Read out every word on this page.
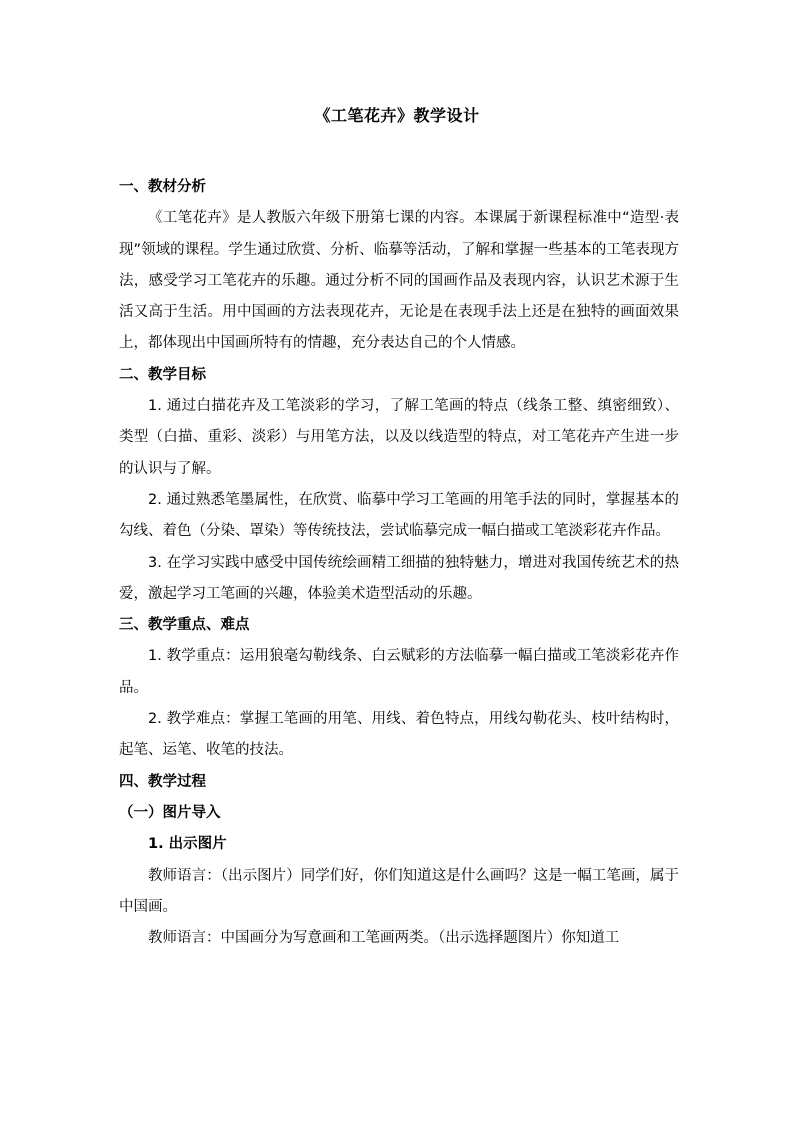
《工笔花卉》教学设计

一、教材分析

《工笔花卉》是人教版六年级下册第七课的内容。本课属于新课程标准中“造型·表现”领域的课程。学生通过欣赏、分析、临摹等活动，了解和掌握一些基本的工笔表现方法，感受学习工笔花卉的乐趣。通过分析不同的国画作品及表现内容，认识艺术源于生活又高于生活。用中国画的方法表现花卉，无论是在表现手法上还是在独特的画面效果上，都体现出中国画所特有的情趣，充分表达自己的个人情感。

二、教学目标

1. 通过白描花卉及工笔淡彩的学习，了解工笔画的特点（线条工整、缜密细致）、类型（白描、重彩、淡彩）与用笔方法，以及以线造型的特点，对工笔花卉产生进一步的认识与了解。

2. 通过熟悉笔墨属性，在欣赏、临摹中学习工笔画的用笔手法的同时，掌握基本的勾线、着色（分染、罩染）等传统技法，尝试临摹完成一幅白描或工笔淡彩花卉作品。

3. 在学习实践中感受中国传统绘画精工细描的独特魅力，增进对我国传统艺术的热爱，激起学习工笔画的兴趣，体验美术造型活动的乐趣。

三、教学重点、难点

1. 教学重点：运用狼毫勾勒线条、白云赋彩的方法临摹一幅白描或工笔淡彩花卉作品。

2. 教学难点：掌握工笔画的用笔、用线、着色特点，用线勾勒花头、枝叶结构时，起笔、运笔、收笔的技法。

四、教学过程

（一）图片导入

1. 出示图片

教师语言：（出示图片）同学们好，你们知道这是什么画吗？这是一幅工笔画，属于中国画。

教师语言：中国画分为写意画和工笔画两类。（出示选择题图片）你知道工
